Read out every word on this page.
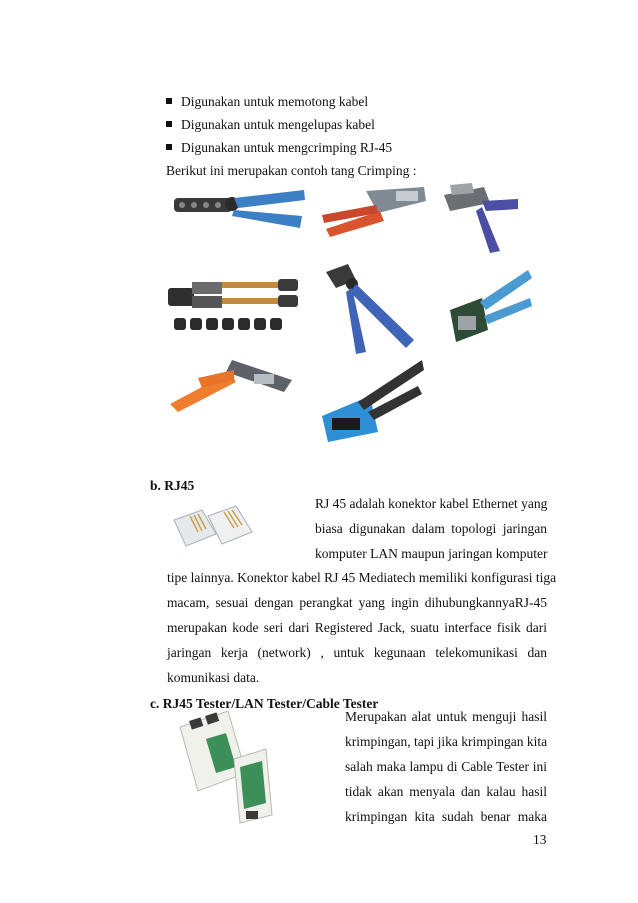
Digunakan untuk memotong kabel
Digunakan untuk mengelupas kabel
Digunakan untuk mengcrimping RJ-45
Berikut ini merupakan contoh tang Crimping :
b. RJ45
RJ 45 adalah konektor kabel Ethernet yang
biasa digunakan dalam topologi jaringan
komputer LAN maupun jaringan komputer
tipe lainnya. Konektor kabel RJ 45 Mediatech memiliki konfigurasi tiga
macam, sesuai dengan perangkat yang ingin dihubungkannyaRJ-45
merupakan kode seri dari Registered Jack, suatu interface fisik dari
jaringan kerja (network) , untuk kegunaan telekomunikasi dan
komunikasi data.
c. RJ45 Tester/LAN Tester/Cable Tester
Merupakan alat untuk menguji hasil
krimpingan, tapi jika krimpingan kita
salah maka lampu di Cable Tester ini
tidak akan menyala dan kalau hasil
krimpingan kita sudah benar maka
13
